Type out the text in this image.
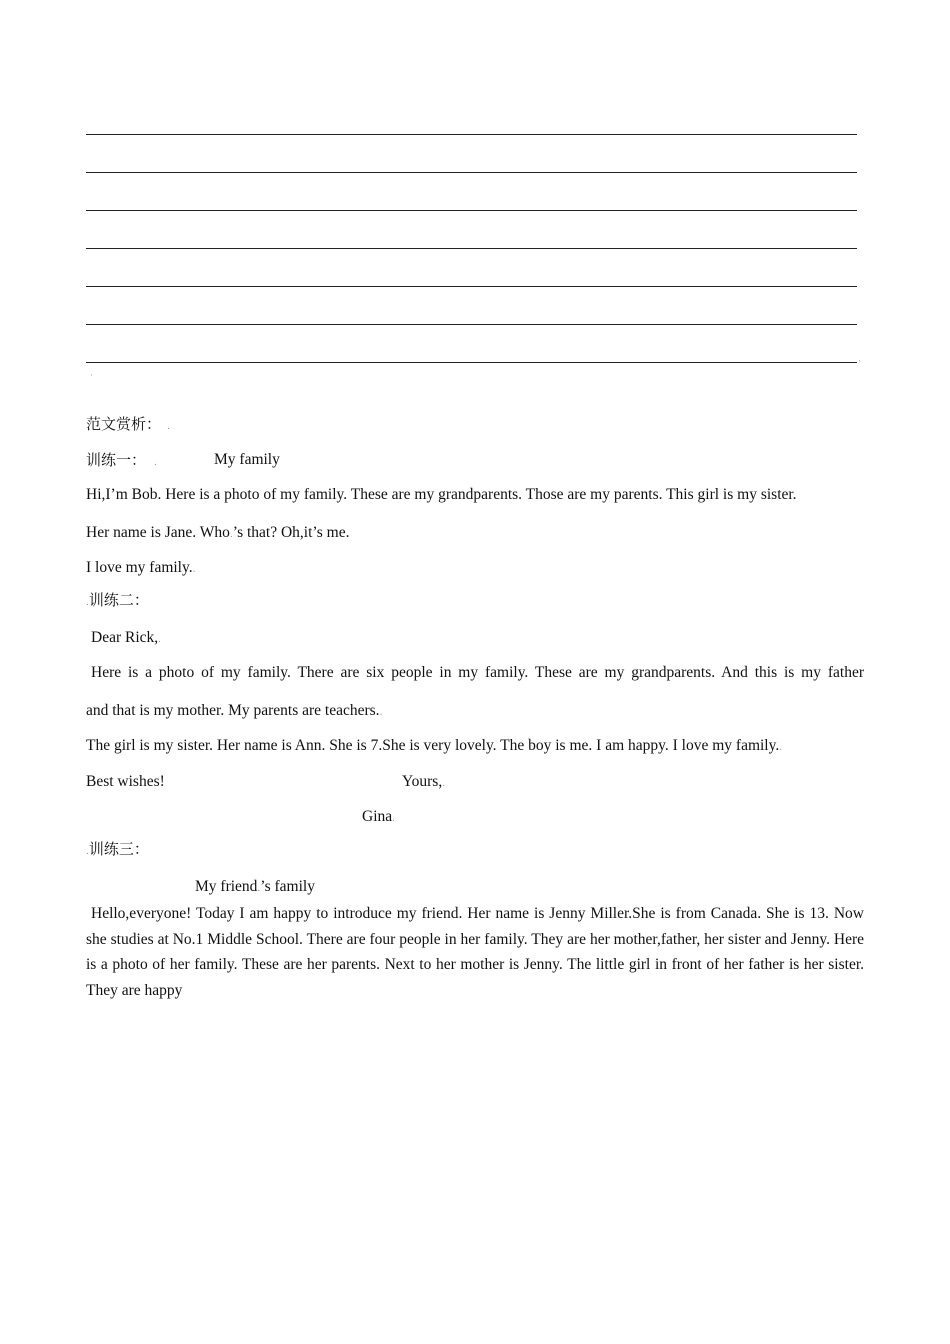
·
·
范文赏析： .
训练一： .	My family
Hi,I’m Bob. Here is a photo of my family. These are my grandparents. Those are my parents. This girl is my sister.
Her name is Jane. Who.’s that? Oh,it’s me.
I love my family..
.训练二：
Dear Rick,.
Here is a photo of my family. There are six people in my family. These are my grandparents. And this is my father
and that is my mother. My parents are teachers..
The girl is my sister. Her name is Ann. She is 7.She is very lovely. The boy is me. I am happy. I love my family..
Best wishes!	Yours,.
Gina.
.训练三：
My friend.’s family
Hello,everyone! Today I am happy to introduce my friend. Her name is Jenny Miller.She is from Canada. She is 13. Now she studies at No.1 Middle School. There are four people in her family. They are her mother,father, her sister and Jenny. Here is a photo of her family. These are her parents. Next to her mother is Jenny. The little girl in front of her father is her sister. They are happy
